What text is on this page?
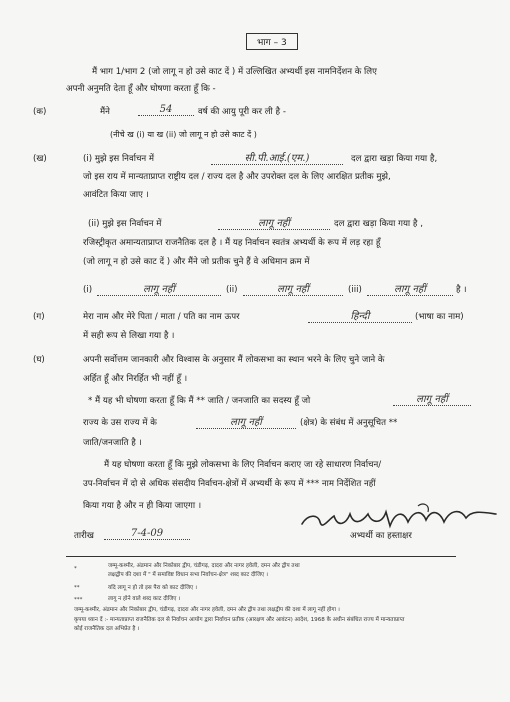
भाग – 3
मैं भाग 1/भाग 2 (जो लागू न हो उसे काट दें ) में उल्लिखित अभ्यर्थी इस नामनिर्देशन के लिए
अपनी अनुमति देता हूँ और घोषणा करता हूँ कि -
(क)	मैंने	54	वर्ष की आयु पूरी कर ली है -
(नीचे ख (i) या ख (ii) जो लागू न हो उसे काट दें )
(ख)	(i) मुझे इस निर्वाचन में	सी.पी.आई.(एम.)	दल द्वारा खड़ा किया गया है,
जो इस राय में मान्यताप्राप्त राष्ट्रीय दल / राज्य दल है और उपरोक्त दल के लिए आरक्षित प्रतीक मुझे,
आवंटित किया जाए ।
(ii) मुझे इस निर्वाचन में	लागू नहीं	दल द्वारा खड़ा किया गया है ,
रजिस्ट्रीकृत अमान्यताप्राप्त राजनैतिक दल है । मैं यह निर्वाचन स्वतंत्र अभ्यर्थी के रूप में लड़ रहा हूँ
(जो लागू न हो उसे काट दें ) और मैंने जो प्रतीक चुने हैं वे अधिमान क्रम में
(i)	लागू नहीं	(ii)	लागू नहीं	(iii)	लागू नहीं	है ।
(ग)	मेरा नाम और मेरे पिता / माता / पति का नाम ऊपर	हिन्दी	(भाषा का नाम)
में सही रूप से लिखा गया है ।
(घ)	अपनी सर्वोत्तम जानकारी और विश्वास के अनुसार मैं लोकसभा का स्थान भरने के लिए चुने जाने के
अर्हित हूँ और निरर्हित भी नहीं हूँ ।
* मैं यह भी घोषणा करता हूँ कि मैं ** जाति / जनजाति का सदस्य हूँ जो	लागू नहीं
राज्य के उस राज्य में के	लागू नहीं	(क्षेत्र) के संबंध में अनुसूचित **
जाति/जनजाति है ।
मैं यह घोषणा करता हूँ कि मुझे लोकसभा के लिए निर्वाचन कराए जा रहे साधारण निर्वाचन/
उप-निर्वाचन में दो से अधिक संसदीय निर्वाचन-क्षेत्रों में अभ्यर्थी के रूप में *** नाम निर्देशित नहीं
किया गया है और न ही किया जाएगा ।
तारीख	7-4-09	अभ्यर्थी का हस्ताक्षर
*	जम्मू-कश्मीर, अंडमान और निकोबार द्वीप, चंडीगढ़, दादरा और नागर हवेली, दमन और द्वीप तथा
लक्षद्वीप की दशा में " में समाविष्ट विधान सभा निर्वाचन-क्षेत्र" शब्द काट दीजिए ।
**	यदि लागू न हो तो इस पैरा को काट दीजिए ।
***	लागू न होने वाले शब्द काट दीजिए ।
जम्मू-कश्मीर, अंडमान और निकोबार द्वीप, चंडीगढ़, दादरा और नागर हवेली, दमन और द्वीप तथा लक्षद्वीप की दशा में लागू नहीं होगा ।
कृपया ध्यान दें :- मान्यताप्राप्त राजनैतिक दल से निर्वाचन आयोग द्वारा निर्वाचन प्रतीक (आरक्षण और आवंटन) आदेश, 1968 के अधीन संबंधित राज्य में मान्यताप्राप्त
कोई राजनैतिक दल अभिप्रेत है ।
